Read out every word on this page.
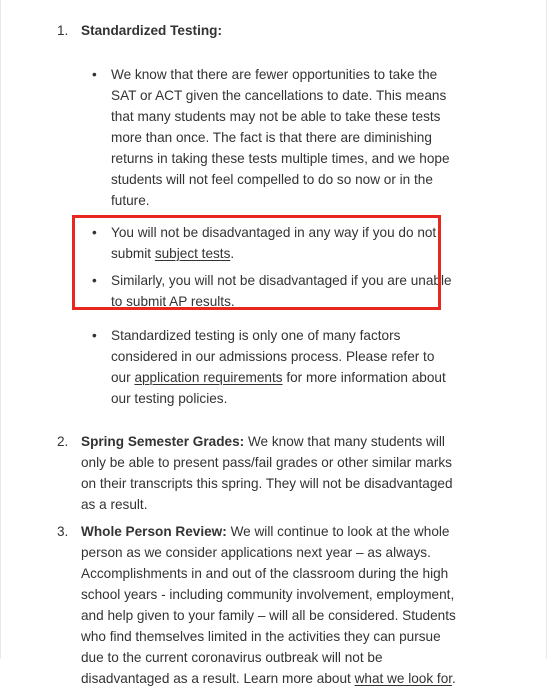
1. Standardized Testing:
• We know that there are fewer opportunities to take the SAT or ACT given the cancellations to date. This means that many students may not be able to take these tests more than once. The fact is that there are diminishing returns in taking these tests multiple times, and we hope students will not feel compelled to do so now or in the future.
• You will not be disadvantaged in any way if you do not submit subject tests.
• Similarly, you will not be disadvantaged if you are unable to submit AP results.
• Standardized testing is only one of many factors considered in our admissions process. Please refer to our application requirements for more information about our testing policies.
2. Spring Semester Grades: We know that many students will only be able to present pass/fail grades or other similar marks on their transcripts this spring. They will not be disadvantaged as a result.
3. Whole Person Review: We will continue to look at the whole person as we consider applications next year – as always. Accomplishments in and out of the classroom during the high school years - including community involvement, employment, and help given to your family – will all be considered. Students who find themselves limited in the activities they can pursue due to the current coronavirus outbreak will not be disadvantaged as a result. Learn more about what we look for.
